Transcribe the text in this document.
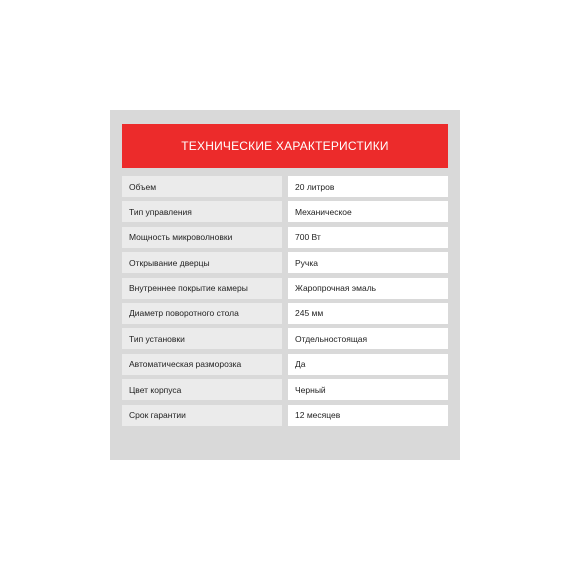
ТЕХНИЧЕСКИЕ ХАРАКТЕРИСТИКИ
Объем	20 литров
Тип управления	Механическое
Мощность микроволновки	700 Вт
Открывание дверцы	Ручка
Внутреннее покрытие камеры	Жаропрочная эмаль
Диаметр поворотного стола	245 мм
Тип установки	Отдельностоящая
Автоматическая разморозка	Да
Цвет корпуса	Черный
Срок гарантии	12 месяцев
